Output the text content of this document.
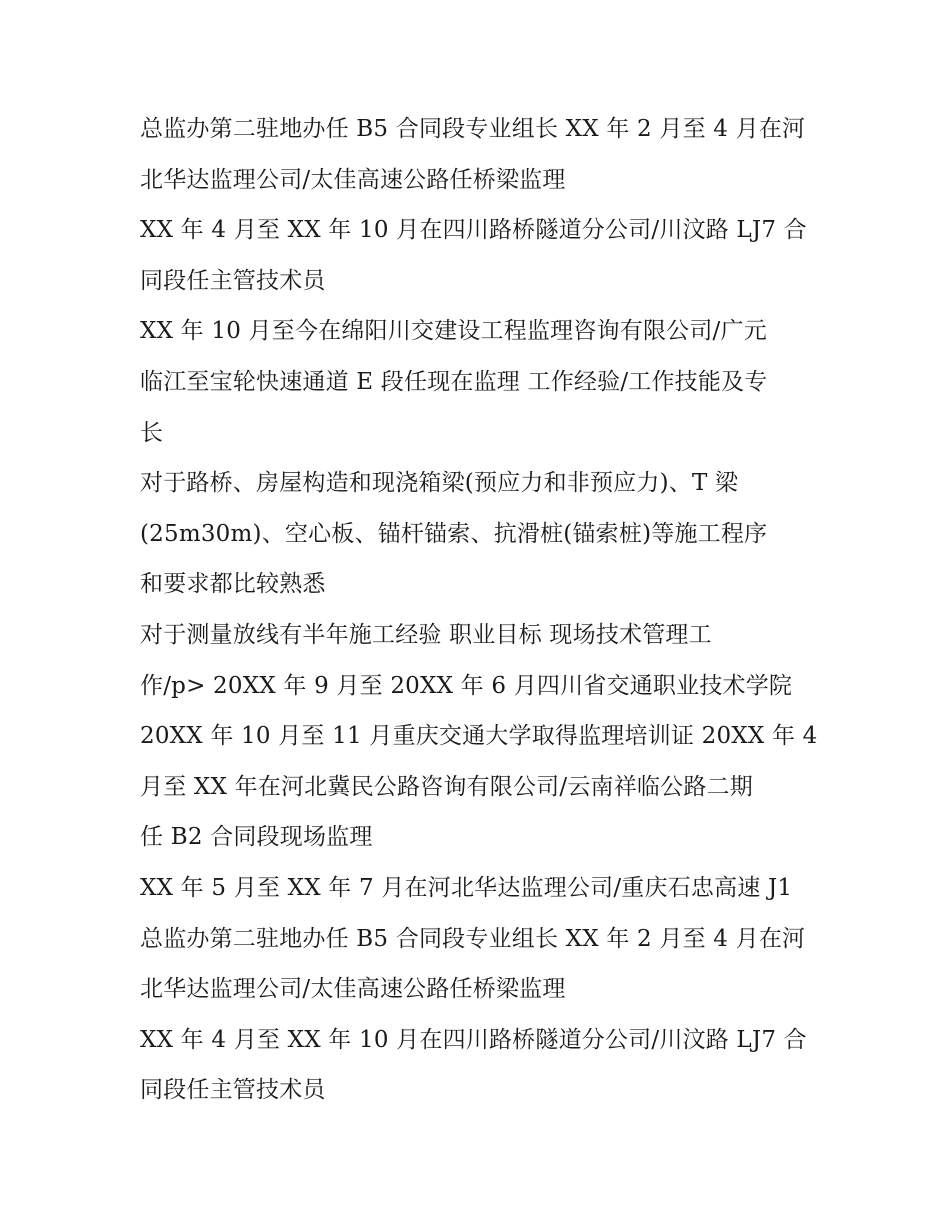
总监办第二驻地办任 B5 合同段专业组长 XX 年 2 月至 4 月在河
北华达监理公司/太佳高速公路任桥梁监理
XX 年 4 月至 XX 年 10 月在四川路桥隧道分公司/川汶路 LJ7 合
同段任主管技术员
XX 年 10 月至今在绵阳川交建设工程监理咨询有限公司/广元
临江至宝轮快速通道 E 段任现在监理 工作经验/工作技能及专
长
对于路桥、房屋构造和现浇箱梁(预应力和非预应力)、T 梁
(25m30m)、空心板、锚杆锚索、抗滑桩(锚索桩)等施工程序
和要求都比较熟悉
对于测量放线有半年施工经验 职业目标 现场技术管理工
作/p> 20XX 年 9 月至 20XX 年 6 月四川省交通职业技术学院
20XX 年 10 月至 11 月重庆交通大学取得监理培训证 20XX 年 4
月至 XX 年在河北冀民公路咨询有限公司/云南祥临公路二期
任 B2 合同段现场监理
XX 年 5 月至 XX 年 7 月在河北华达监理公司/重庆石忠高速 J1
总监办第二驻地办任 B5 合同段专业组长 XX 年 2 月至 4 月在河
北华达监理公司/太佳高速公路任桥梁监理
XX 年 4 月至 XX 年 10 月在四川路桥隧道分公司/川汶路 LJ7 合
同段任主管技术员
